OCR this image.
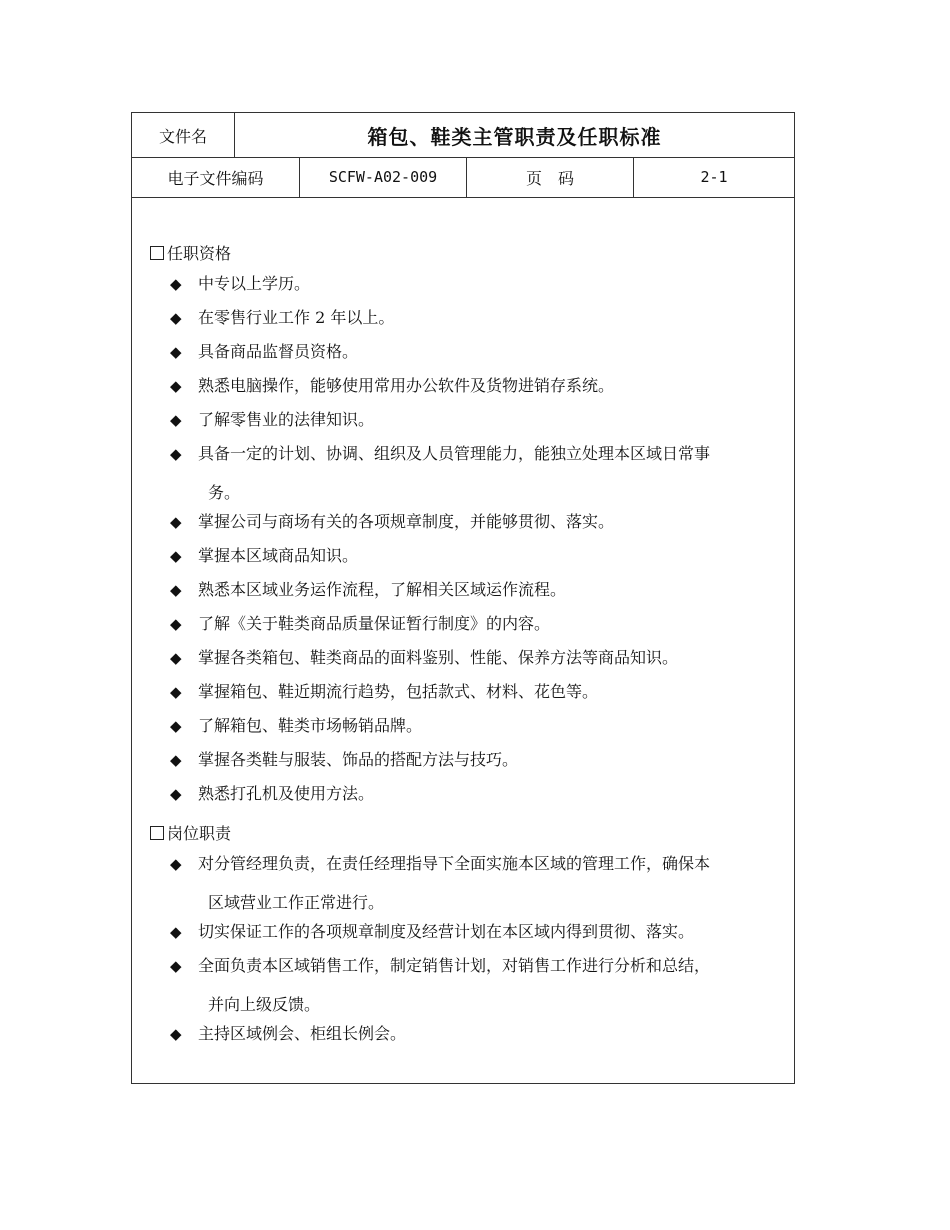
文件名	箱包、鞋类主管职责及任职标准
电子文件编码	SCFW-A02-009	页　码	2-1
任职资格
◆ 中专以上学历。
◆ 在零售行业工作 2 年以上。
◆ 具备商品监督员资格。
◆ 熟悉电脑操作，能够使用常用办公软件及货物进销存系统。
◆ 了解零售业的法律知识。
◆ 具备一定的计划、协调、组织及人员管理能力，能独立处理本区域日常事
务。
◆ 掌握公司与商场有关的各项规章制度，并能够贯彻、落实。
◆ 掌握本区域商品知识。
◆ 熟悉本区域业务运作流程，了解相关区域运作流程。
◆ 了解《关于鞋类商品质量保证暂行制度》的内容。
◆ 掌握各类箱包、鞋类商品的面料鉴别、性能、保养方法等商品知识。
◆ 掌握箱包、鞋近期流行趋势，包括款式、材料、花色等。
◆ 了解箱包、鞋类市场畅销品牌。
◆ 掌握各类鞋与服装、饰品的搭配方法与技巧。
◆ 熟悉打孔机及使用方法。
岗位职责
◆ 对分管经理负责，在责任经理指导下全面实施本区域的管理工作，确保本
区域营业工作正常进行。
◆ 切实保证工作的各项规章制度及经营计划在本区域内得到贯彻、落实。
◆ 全面负责本区域销售工作，制定销售计划，对销售工作进行分析和总结，
并向上级反馈。
◆ 主持区域例会、柜组长例会。
